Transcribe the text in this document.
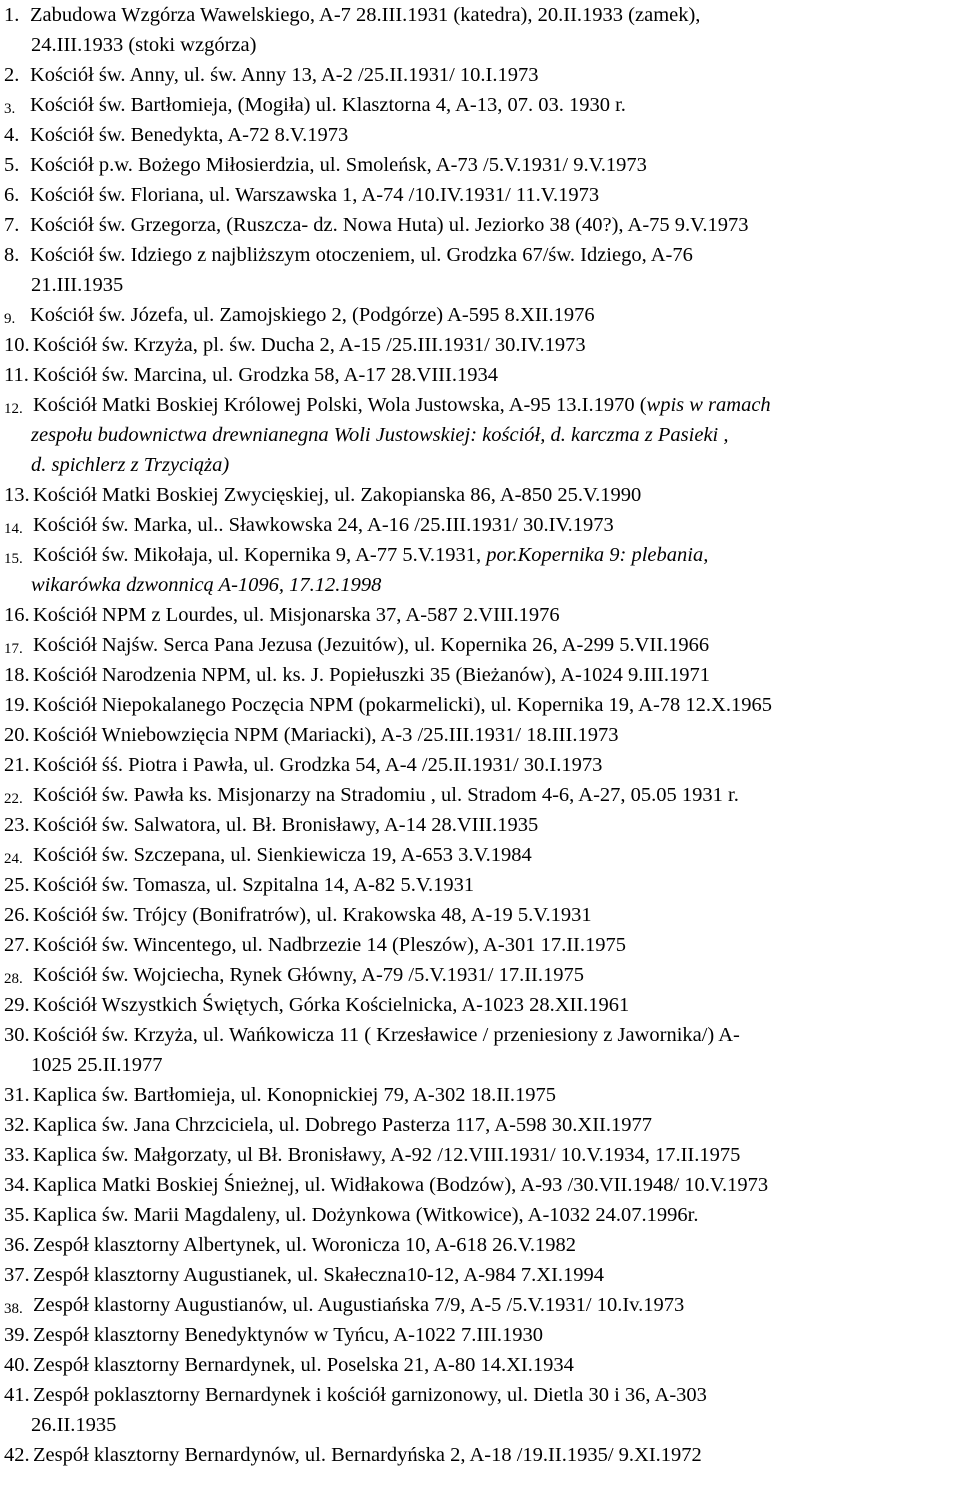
1. Zabudowa Wzgórza Wawelskiego, A-7 28.III.1931 (katedra), 20.II.1933 (zamek),
24.III.1933 (stoki wzgórza)
2. Kościół św. Anny, ul. św. Anny 13, A-2 /25.II.1931/ 10.I.1973
3. Kościół św. Bartłomieja, (Mogiła) ul. Klasztorna 4, A-13, 07. 03. 1930 r.
4. Kościół św. Benedykta, A-72 8.V.1973
5. Kościół p.w. Bożego Miłosierdzia, ul. Smoleńsk, A-73 /5.V.1931/ 9.V.1973
6. Kościół św. Floriana, ul. Warszawska 1, A-74 /10.IV.1931/ 11.V.1973
7. Kościół św. Grzegorza, (Ruszcza- dz. Nowa Huta) ul. Jeziorko 38 (40?), A-75 9.V.1973
8. Kościół św. Idziego z najbliższym otoczeniem, ul. Grodzka 67/św. Idziego, A-76
21.III.1935
9. Kościół św. Józefa, ul. Zamojskiego 2, (Podgórze) A-595 8.XII.1976
10. Kościół św. Krzyża, pl. św. Ducha 2, A-15 /25.III.1931/ 30.IV.1973
11. Kościół św. Marcina, ul. Grodzka 58, A-17 28.VIII.1934
12. Kościół Matki Boskiej Królowej Polski, Wola Justowska, A-95 13.I.1970 (wpis w ramach
zespołu budownictwa drewnianegna Woli Justowskiej: kościół, d. karczma z Pasieki ,
d. spichlerz z Trzyciąża)
13. Kościół Matki Boskiej Zwycięskiej, ul. Zakopianska 86, A-850 25.V.1990
14. Kościół św. Marka, ul.. Sławkowska 24, A-16 /25.III.1931/ 30.IV.1973
15. Kościół św. Mikołaja, ul. Kopernika 9, A-77 5.V.1931, por.Kopernika 9: plebania,
wikarówka dzwonnicą A-1096, 17.12.1998
16. Kościół NPM z Lourdes, ul. Misjonarska 37, A-587 2.VIII.1976
17. Kościół Najśw. Serca Pana Jezusa (Jezuitów), ul. Kopernika 26, A-299 5.VII.1966
18. Kościół Narodzenia NPM, ul. ks. J. Popiełuszki 35 (Bieżanów), A-1024 9.III.1971
19. Kościół Niepokalanego Poczęcia NPM (pokarmelicki), ul. Kopernika 19, A-78 12.X.1965
20. Kościół Wniebowzięcia NPM (Mariacki), A-3 /25.III.1931/ 18.III.1973
21. Kościół śś. Piotra i Pawła, ul. Grodzka 54, A-4 /25.II.1931/ 30.I.1973
22. Kościół św. Pawła ks. Misjonarzy na Stradomiu , ul. Stradom 4-6, A-27, 05.05 1931 r.
23. Kościół św. Salwatora, ul. Bł. Bronisławy, A-14 28.VIII.1935
24. Kościół św. Szczepana, ul. Sienkiewicza 19, A-653 3.V.1984
25. Kościół św. Tomasza, ul. Szpitalna 14, A-82 5.V.1931
26. Kościół św. Trójcy (Bonifratrów), ul. Krakowska 48, A-19 5.V.1931
27. Kościół św. Wincentego, ul. Nadbrzezie 14 (Pleszów), A-301 17.II.1975
28. Kościół św. Wojciecha, Rynek Główny, A-79 /5.V.1931/ 17.II.1975
29. Kościół Wszystkich Świętych, Górka Kościelnicka, A-1023 28.XII.1961
30. Kościół św. Krzyża, ul. Wańkowicza 11 ( Krzesławice / przeniesiony z Jawornika/) A-
1025 25.II.1977
31. Kaplica św. Bartłomieja, ul. Konopnickiej 79, A-302 18.II.1975
32. Kaplica św. Jana Chrzciciela, ul. Dobrego Pasterza 117, A-598 30.XII.1977
33. Kaplica św. Małgorzaty, ul Bł. Bronisławy, A-92 /12.VIII.1931/ 10.V.1934, 17.II.1975
34. Kaplica Matki Boskiej Śnieżnej, ul. Widłakowa (Bodzów), A-93 /30.VII.1948/ 10.V.1973
35. Kaplica św. Marii Magdaleny, ul. Dożynkowa (Witkowice), A-1032 24.07.1996r.
36. Zespół klasztorny Albertynek, ul. Woronicza 10, A-618 26.V.1982
37. Zespół klasztorny Augustianek, ul. Skałeczna10-12, A-984 7.XI.1994
38. Zespół klastorny Augustianów, ul. Augustiańska 7/9, A-5 /5.V.1931/ 10.Iv.1973
39. Zespół klasztorny Benedyktynów w Tyńcu, A-1022 7.III.1930
40. Zespół klasztorny Bernardynek, ul. Poselska 21, A-80 14.XI.1934
41. Zespół poklasztorny Bernardynek i kościół garnizonowy, ul. Dietla 30 i 36, A-303
26.II.1935
42. Zespół klasztorny Bernardynów, ul. Bernardyńska 2, A-18 /19.II.1935/ 9.XI.1972
